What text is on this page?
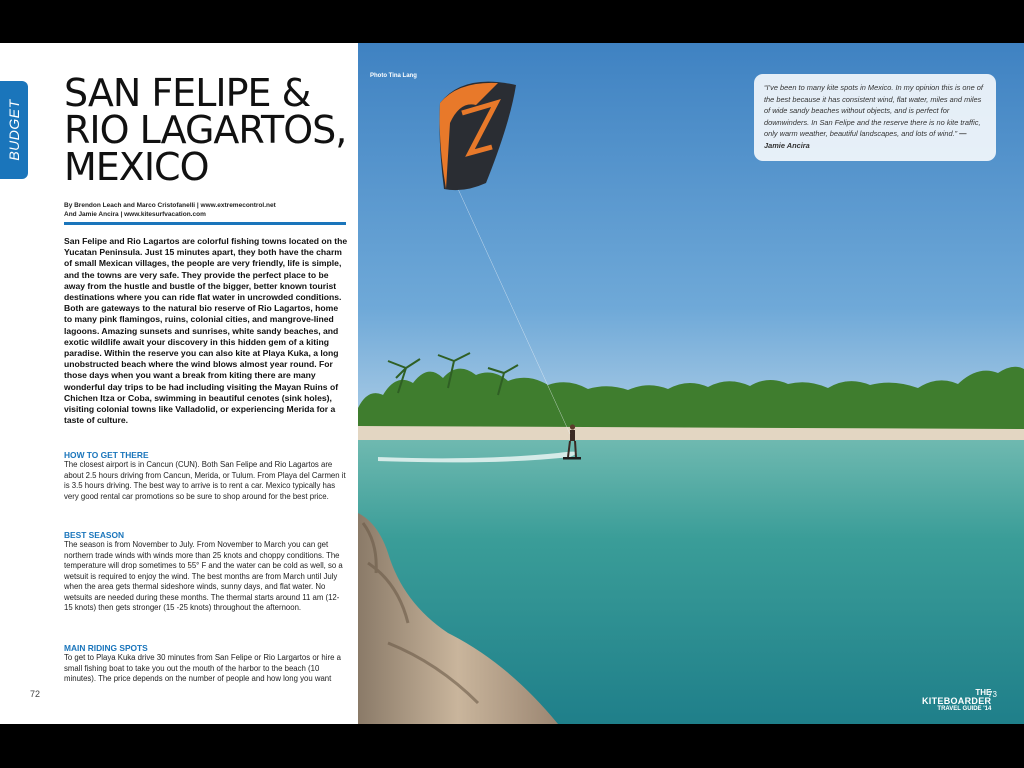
BUDGET
SAN FELIPE & RIO LAGARTOS, MEXICO
By Brendon Leach and Marco Cristofanelli | www.extremecontrol.net
And Jamie Ancira | www.kitesurfvacation.com

San Felipe and Rio Lagartos are colorful fishing towns located on the Yucatan Peninsula. Just 15 minutes apart, they both have the charm of small Mexican villages, the people are very friendly, life is simple, and the towns are very safe. They provide the perfect place to be away from the hustle and bustle of the bigger, better known tourist destinations where you can ride flat water in uncrowded conditions. Both are gateways to the natural bio reserve of Rio Lagartos, home to many pink flamingos, ruins, colonial cities, and mangrove-lined lagoons. Amazing sunsets and sunrises, white sandy beaches, and exotic wildlife await your discovery in this hidden gem of a kiting paradise. Within the reserve you can also kite at Playa Kuka, a long unobstructed beach where the wind blows almost year round. For those days when you want a break from kiting there are many wonderful day trips to be had including visiting the Mayan Ruins of Chichen Itza or Coba, swimming in beautiful cenotes (sink holes), visiting colonial towns like Valladolid, or experiencing Merida for a taste of culture.

HOW TO GET THERE

The closest airport is in Cancun (CUN). Both San Felipe and Rio Lagartos are about 2.5 hours driving from Cancun, Merida, or Tulum. From Playa del Carmen it is 3.5 hours driving. The best way to arrive is to rent a car. Mexico typically has very good rental car promotions so be sure to shop around for the best price.

BEST SEASON

The season is from November to July. From November to March you can get northern trade winds with winds more than 25 knots and choppy conditions. The temperature will drop sometimes to 55° F and the water can be cold as well, so a wetsuit is required to enjoy the wind. The best months are from March until July when the area gets thermal sideshore winds, sunny days, and flat water. No wetsuits are needed during these months. The thermal starts around 11 am (12-15 knots) then gets stronger (15 -25 knots) throughout the afternoon.

MAIN RIDING SPOTS

To get to Playa Kuka drive 30 minutes from San Felipe or Rio Largartos or hire a small fishing boat to take you out the mouth of the harbor to the beach (10 minutes). The price depends on the number of people and how long you want

72
Photo Tina Lang
“I’ve been to many kite spots in Mexico. In my opinion this is one of the best because it has consistent wind, flat water, miles and miles of wide sandy beaches without objects, and is perfect for downwinders. In San Felipe and the reserve there is no kite traffic, only warm weather, beautiful landscapes, and lots of wind.” —Jamie Ancira
THE
KITEBOARDER
TRAVEL GUIDE '14
73
